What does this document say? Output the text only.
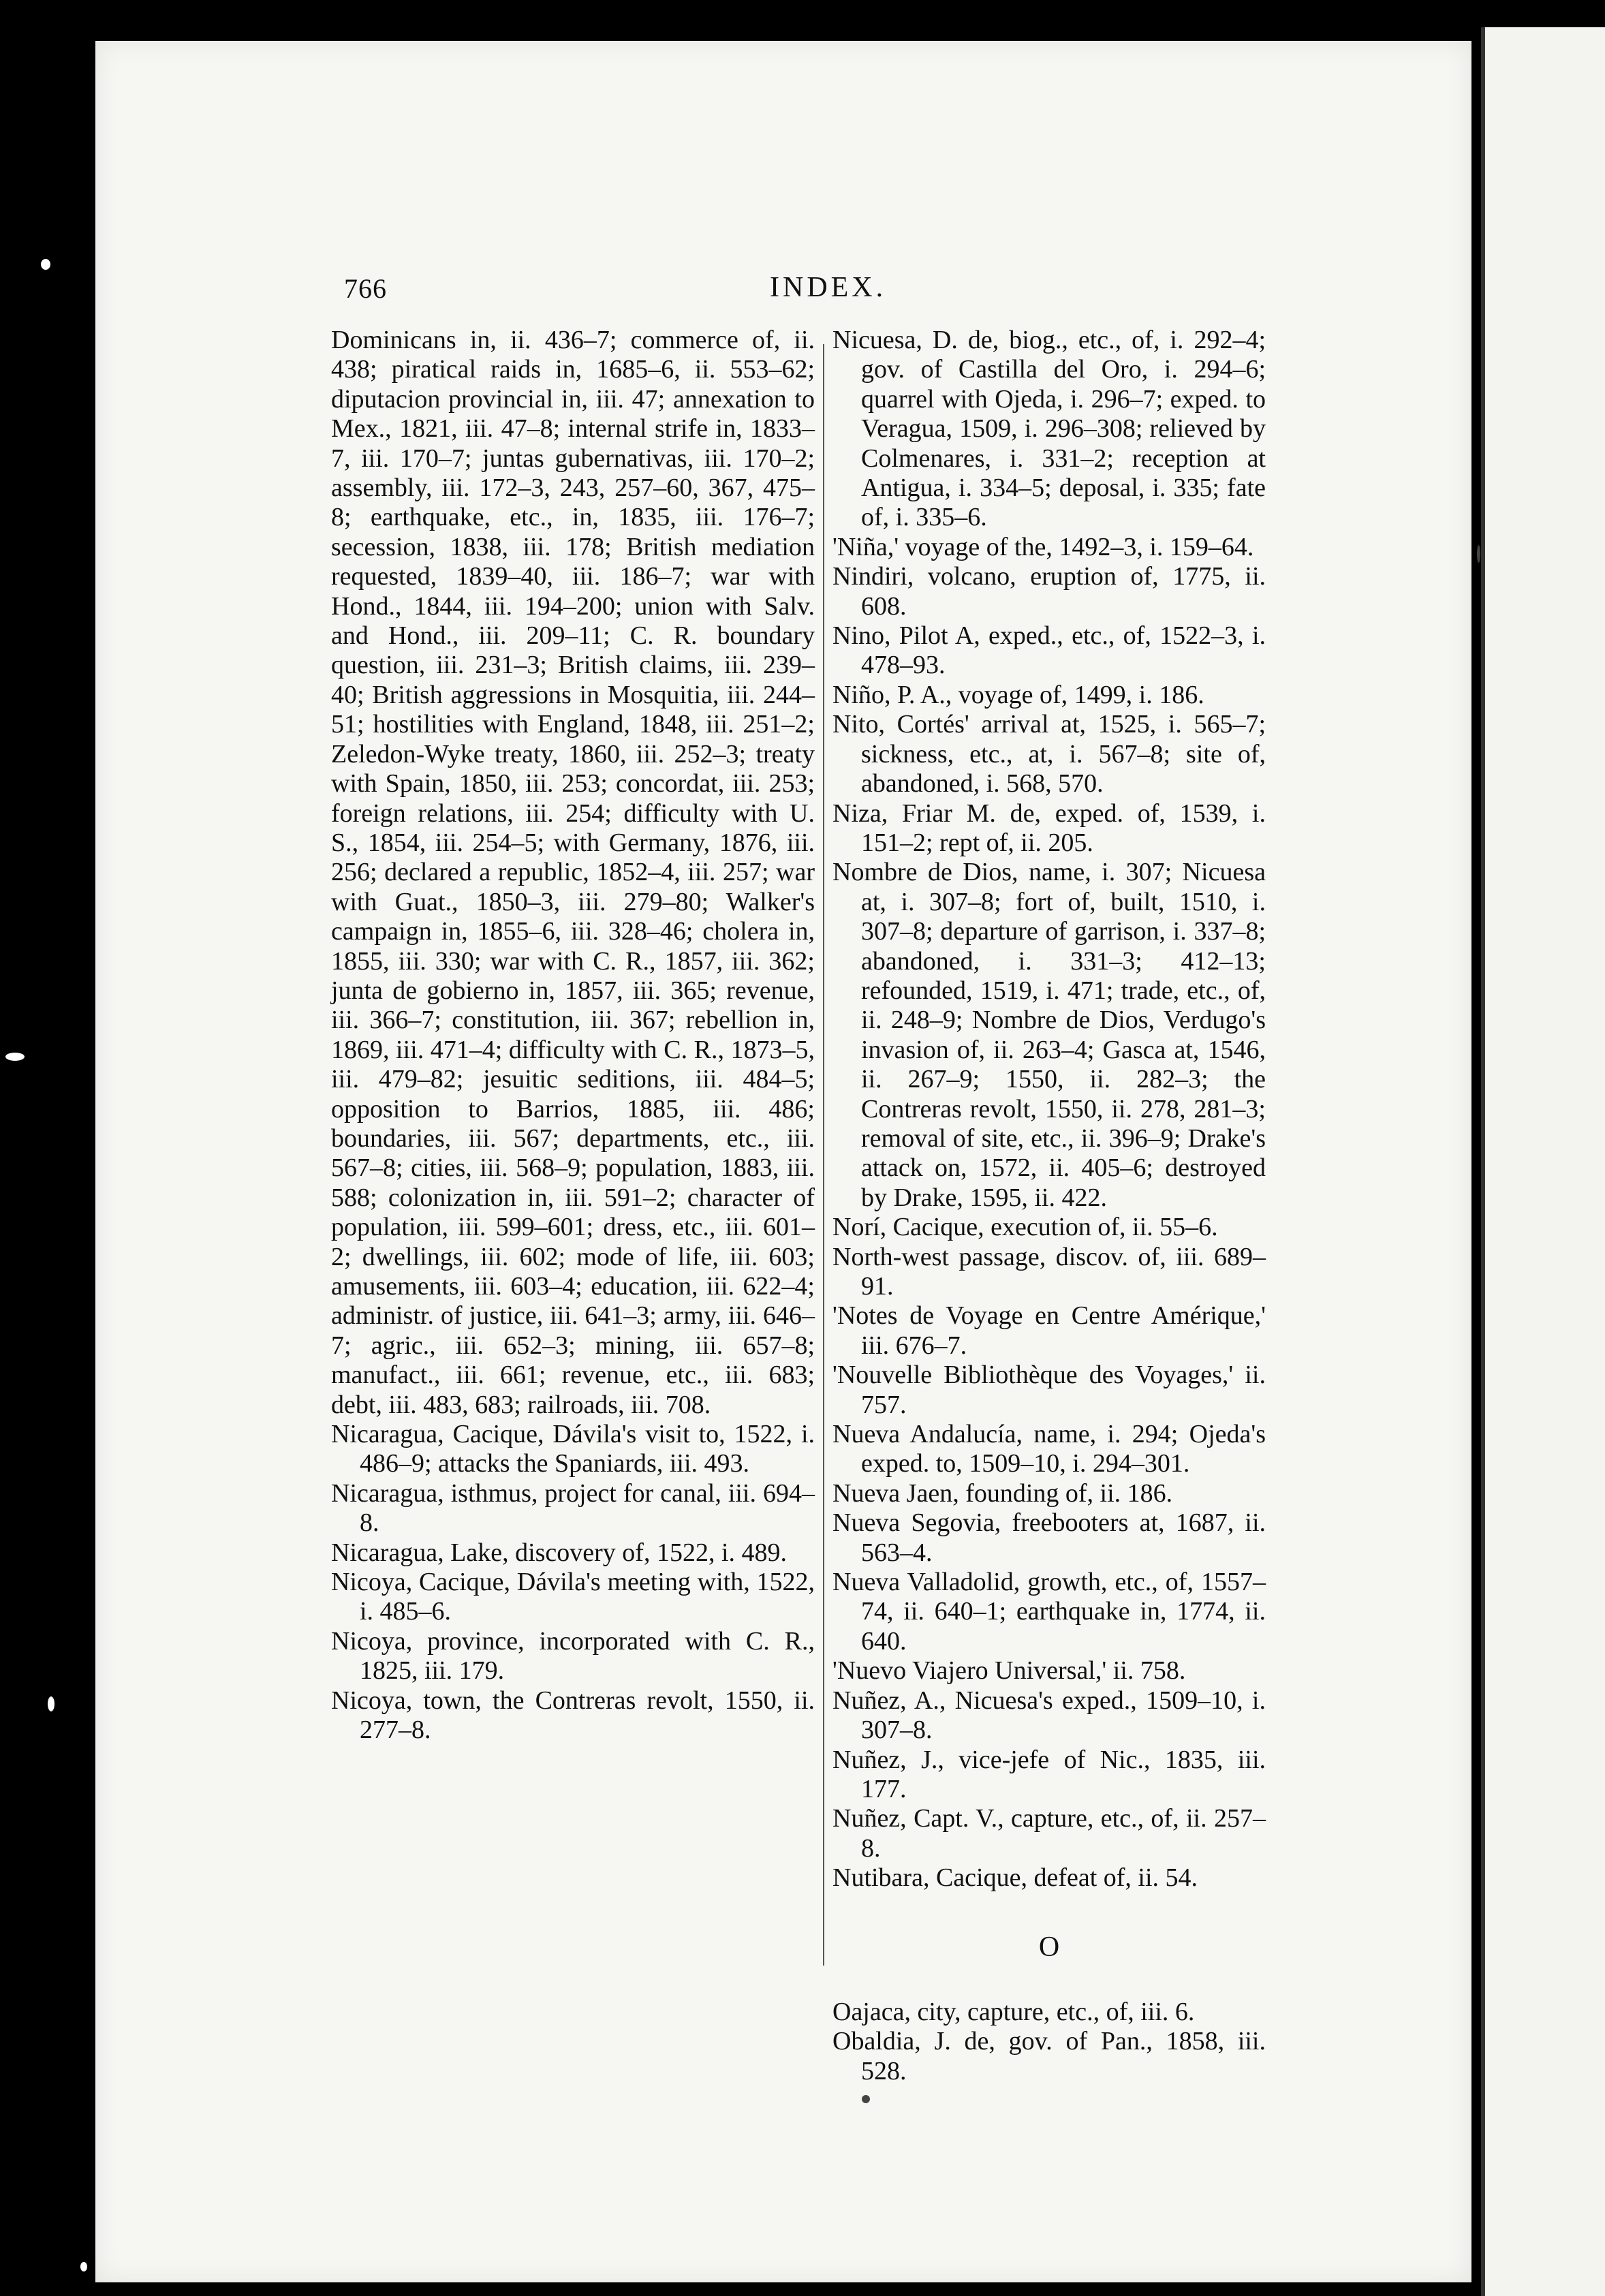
766	INDEX.

Dominicans in, ii. 436–7; commerce of, ii. 438; piratical raids in, 1685–6, ii. 553–62; diputacion provincial in, iii. 47; annexation to Mex., 1821, iii. 47–8; internal strife in, 1833–7, iii. 170–7; juntas gubernativas, iii. 170–2; assembly, iii. 172–3, 243, 257–60, 367, 475–8; earthquake, etc., in, 1835, iii. 176–7; secession, 1838, iii. 178; British mediation requested, 1839–40, iii. 186–7; war with Hond., 1844, iii. 194–200; union with Salv. and Hond., iii. 209–11; C. R. boundary question, iii. 231–3; British claims, iii. 239–40; British aggressions in Mosquitia, iii. 244–51; hostilities with England, 1848, iii. 251–2; Zeledon-Wyke treaty, 1860, iii. 252–3; treaty with Spain, 1850, iii. 253; concordat, iii. 253; foreign relations, iii. 254; difficulty with U. S., 1854, iii. 254–5; with Germany, 1876, iii. 256; declared a republic, 1852–4, iii. 257; war with Guat., 1850–3, iii. 279–80; Walker's campaign in, 1855–6, iii. 328–46; cholera in, 1855, iii. 330; war with C. R., 1857, iii. 362; junta de gobierno in, 1857, iii. 365; revenue, iii. 366–7; constitution, iii. 367; rebellion in, 1869, iii. 471–4; difficulty with C. R., 1873–5, iii. 479–82; jesuitic seditions, iii. 484–5; opposition to Barrios, 1885, iii. 486; boundaries, iii. 567; departments, etc., iii. 567–8; cities, iii. 568–9; population, 1883, iii. 588; colonization in, iii. 591–2; character of population, iii. 599–601; dress, etc., iii. 601–2; dwellings, iii. 602; mode of life, iii. 603; amusements, iii. 603–4; education, iii. 622–4; administr. of justice, iii. 641–3; army, iii. 646–7; agric., iii. 652–3; mining, iii. 657–8; manufact., iii. 661; revenue, etc., iii. 683; debt, iii. 483, 683; railroads, iii. 708.

Nicaragua, Cacique, Dávila's visit to, 1522, i. 486–9; attacks the Spaniards, iii. 493.

Nicaragua, isthmus, project for canal, iii. 694–8.

Nicaragua, Lake, discovery of, 1522, i. 489.

Nicoya, Cacique, Dávila's meeting with, 1522, i. 485–6.

Nicoya, province, incorporated with C. R., 1825, iii. 179.

Nicoya, town, the Contreras revolt, 1550, ii. 277–8.

Nicuesa, D. de, biog., etc., of, i. 292–4; gov. of Castilla del Oro, i. 294–6; quarrel with Ojeda, i. 296–7; exped. to Veragua, 1509, i. 296–308; relieved by Colmenares, i. 331–2; reception at Antigua, i. 334–5; deposal, i. 335; fate of, i. 335–6.

'Niña,' voyage of the, 1492–3, i. 159–64.

Nindiri, volcano, eruption of, 1775, ii. 608.

Nino, Pilot A, exped., etc., of, 1522–3, i. 478–93.

Niño, P. A., voyage of, 1499, i. 186.

Nito, Cortés' arrival at, 1525, i. 565–7; sickness, etc., at, i. 567–8; site of, abandoned, i. 568, 570.

Niza, Friar M. de, exped. of, 1539, i. 151–2; rept of, ii. 205.

Nombre de Dios, name, i. 307; Nicuesa at, i. 307–8; fort of, built, 1510, i. 307–8; departure of garrison, i. 337–8; abandoned, i. 331–3; 412–13; refounded, 1519, i. 471; trade, etc., of, ii. 248–9; Nombre de Dios, Verdugo's invasion of, ii. 263–4; Gasca at, 1546, ii. 267–9; 1550, ii. 282–3; the Contreras revolt, 1550, ii. 278, 281–3; removal of site, etc., ii. 396–9; Drake's attack on, 1572, ii. 405–6; destroyed by Drake, 1595, ii. 422.

Norí, Cacique, execution of, ii. 55–6.

North-west passage, discov. of, iii. 689–91.

'Notes de Voyage en Centre Amérique,' iii. 676–7.

'Nouvelle Bibliothèque des Voyages,' ii. 757.

Nueva Andalucía, name, i. 294; Ojeda's exped. to, 1509–10, i. 294–301.

Nueva Jaen, founding of, ii. 186.

Nueva Segovia, freebooters at, 1687, ii. 563–4.

Nueva Valladolid, growth, etc., of, 1557–74, ii. 640–1; earthquake in, 1774, ii. 640.

'Nuevo Viajero Universal,' ii. 758.

Nuñez, A., Nicuesa's exped., 1509–10, i. 307–8.

Nuñez, J., vice-jefe of Nic., 1835, iii. 177.

Nuñez, Capt. V., capture, etc., of, ii. 257–8.

Nutibara, Cacique, defeat of, ii. 54.

O

Oajaca, city, capture, etc., of, iii. 6.

Obaldia, J. de, gov. of Pan., 1858, iii. 528.
